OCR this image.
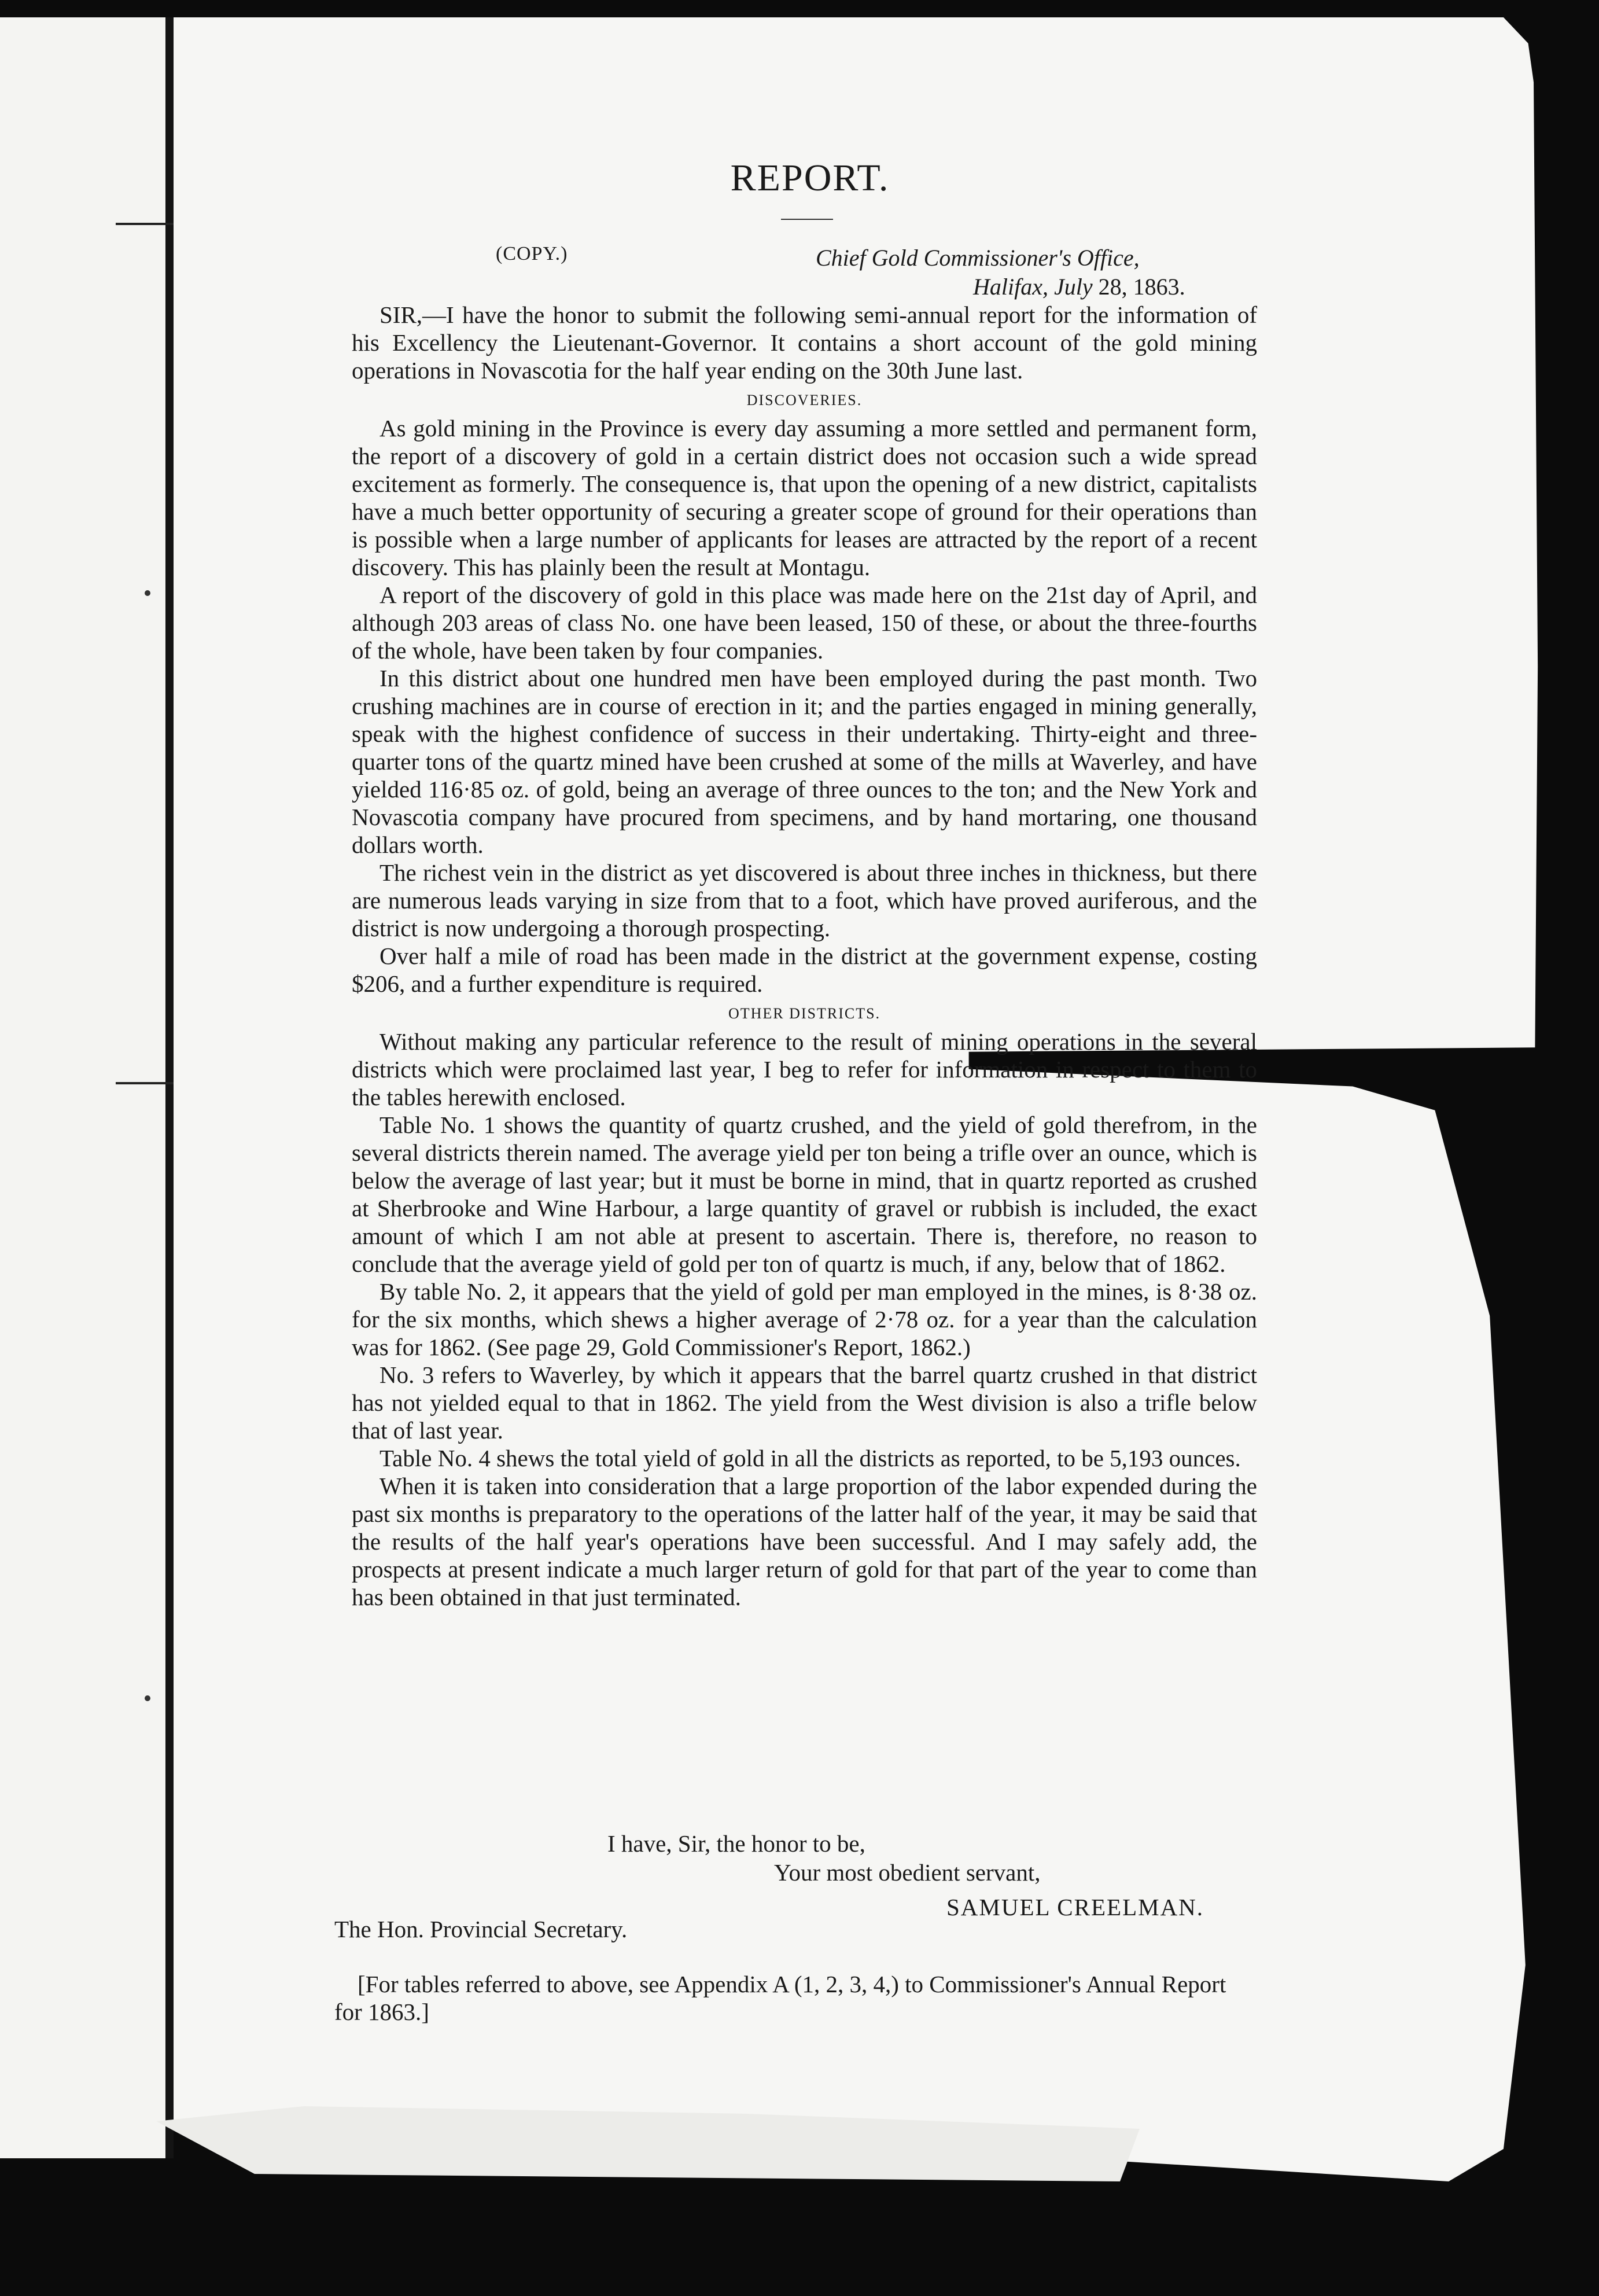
REPORT.
(COPY.)	Chief Gold Commissioner's Office,
Halifax, July 28, 1863.

SIR,—I have the honor to submit the following semi-annual report for the information of his Excellency the Lieutenant-Governor. It contains a short account of the gold mining operations in Novascotia for the half year ending on the 30th June last.

DISCOVERIES.

As gold mining in the Province is every day assuming a more settled and permanent form, the report of a discovery of gold in a certain district does not occasion such a wide spread excitement as formerly. The consequence is, that upon the opening of a new district, capitalists have a much better opportunity of securing a greater scope of ground for their operations than is possible when a large number of applicants for leases are attracted by the report of a recent discovery. This has plainly been the result at Montagu.

A report of the discovery of gold in this place was made here on the 21st day of April, and although 203 areas of class No. one have been leased, 150 of these, or about the three-fourths of the whole, have been taken by four companies.

In this district about one hundred men have been employed during the past month. Two crushing machines are in course of erection in it; and the parties engaged in mining generally, speak with the highest confidence of success in their undertaking. Thirty-eight and three-quarter tons of the quartz mined have been crushed at some of the mills at Waverley, and have yielded 116·85 oz. of gold, being an average of three ounces to the ton; and the New York and Novascotia company have procured from specimens, and by hand mortaring, one thousand dollars worth.

The richest vein in the district as yet discovered is about three inches in thickness, but there are numerous leads varying in size from that to a foot, which have proved auriferous, and the district is now undergoing a thorough prospecting.

Over half a mile of road has been made in the district at the government expense, costing $206, and a further expenditure is required.

OTHER DISTRICTS.

Without making any particular reference to the result of mining operations in the several districts which were proclaimed last year, I beg to refer for information in respect to them to the tables herewith enclosed.

Table No. 1 shows the quantity of quartz crushed, and the yield of gold therefrom, in the several districts therein named. The average yield per ton being a trifle over an ounce, which is below the average of last year; but it must be borne in mind, that in quartz reported as crushed at Sherbrooke and Wine Harbour, a large quantity of gravel or rubbish is included, the exact amount of which I am not able at present to ascertain. There is, therefore, no reason to conclude that the average yield of gold per ton of quartz is much, if any, below that of 1862.

By table No. 2, it appears that the yield of gold per man employed in the mines, is 8·38 oz. for the six months, which shews a higher average of 2·78 oz. for a year than the calculation was for 1862. (See page 29, Gold Commissioner's Report, 1862.)

No. 3 refers to Waverley, by which it appears that the barrel quartz crushed in that district has not yielded equal to that in 1862. The yield from the West division is also a trifle below that of last year.

Table No. 4 shews the total yield of gold in all the districts as reported, to be 5,193 ounces.

When it is taken into consideration that a large proportion of the labor expended during the past six months is preparatory to the operations of the latter half of the year, it may be said that the results of the half year's operations have been successful. And I may safely add, the prospects at present indicate a much larger return of gold for that part of the year to come than has been obtained in that just terminated.

I have, Sir, the honor to be,
Your most obedient servant,
SAMUEL CREELMAN.
The Hon. Provincial Secretary.
[For tables referred to above, see Appendix A (1, 2, 3, 4,) to Commissioner's Annual Report for 1863.]
